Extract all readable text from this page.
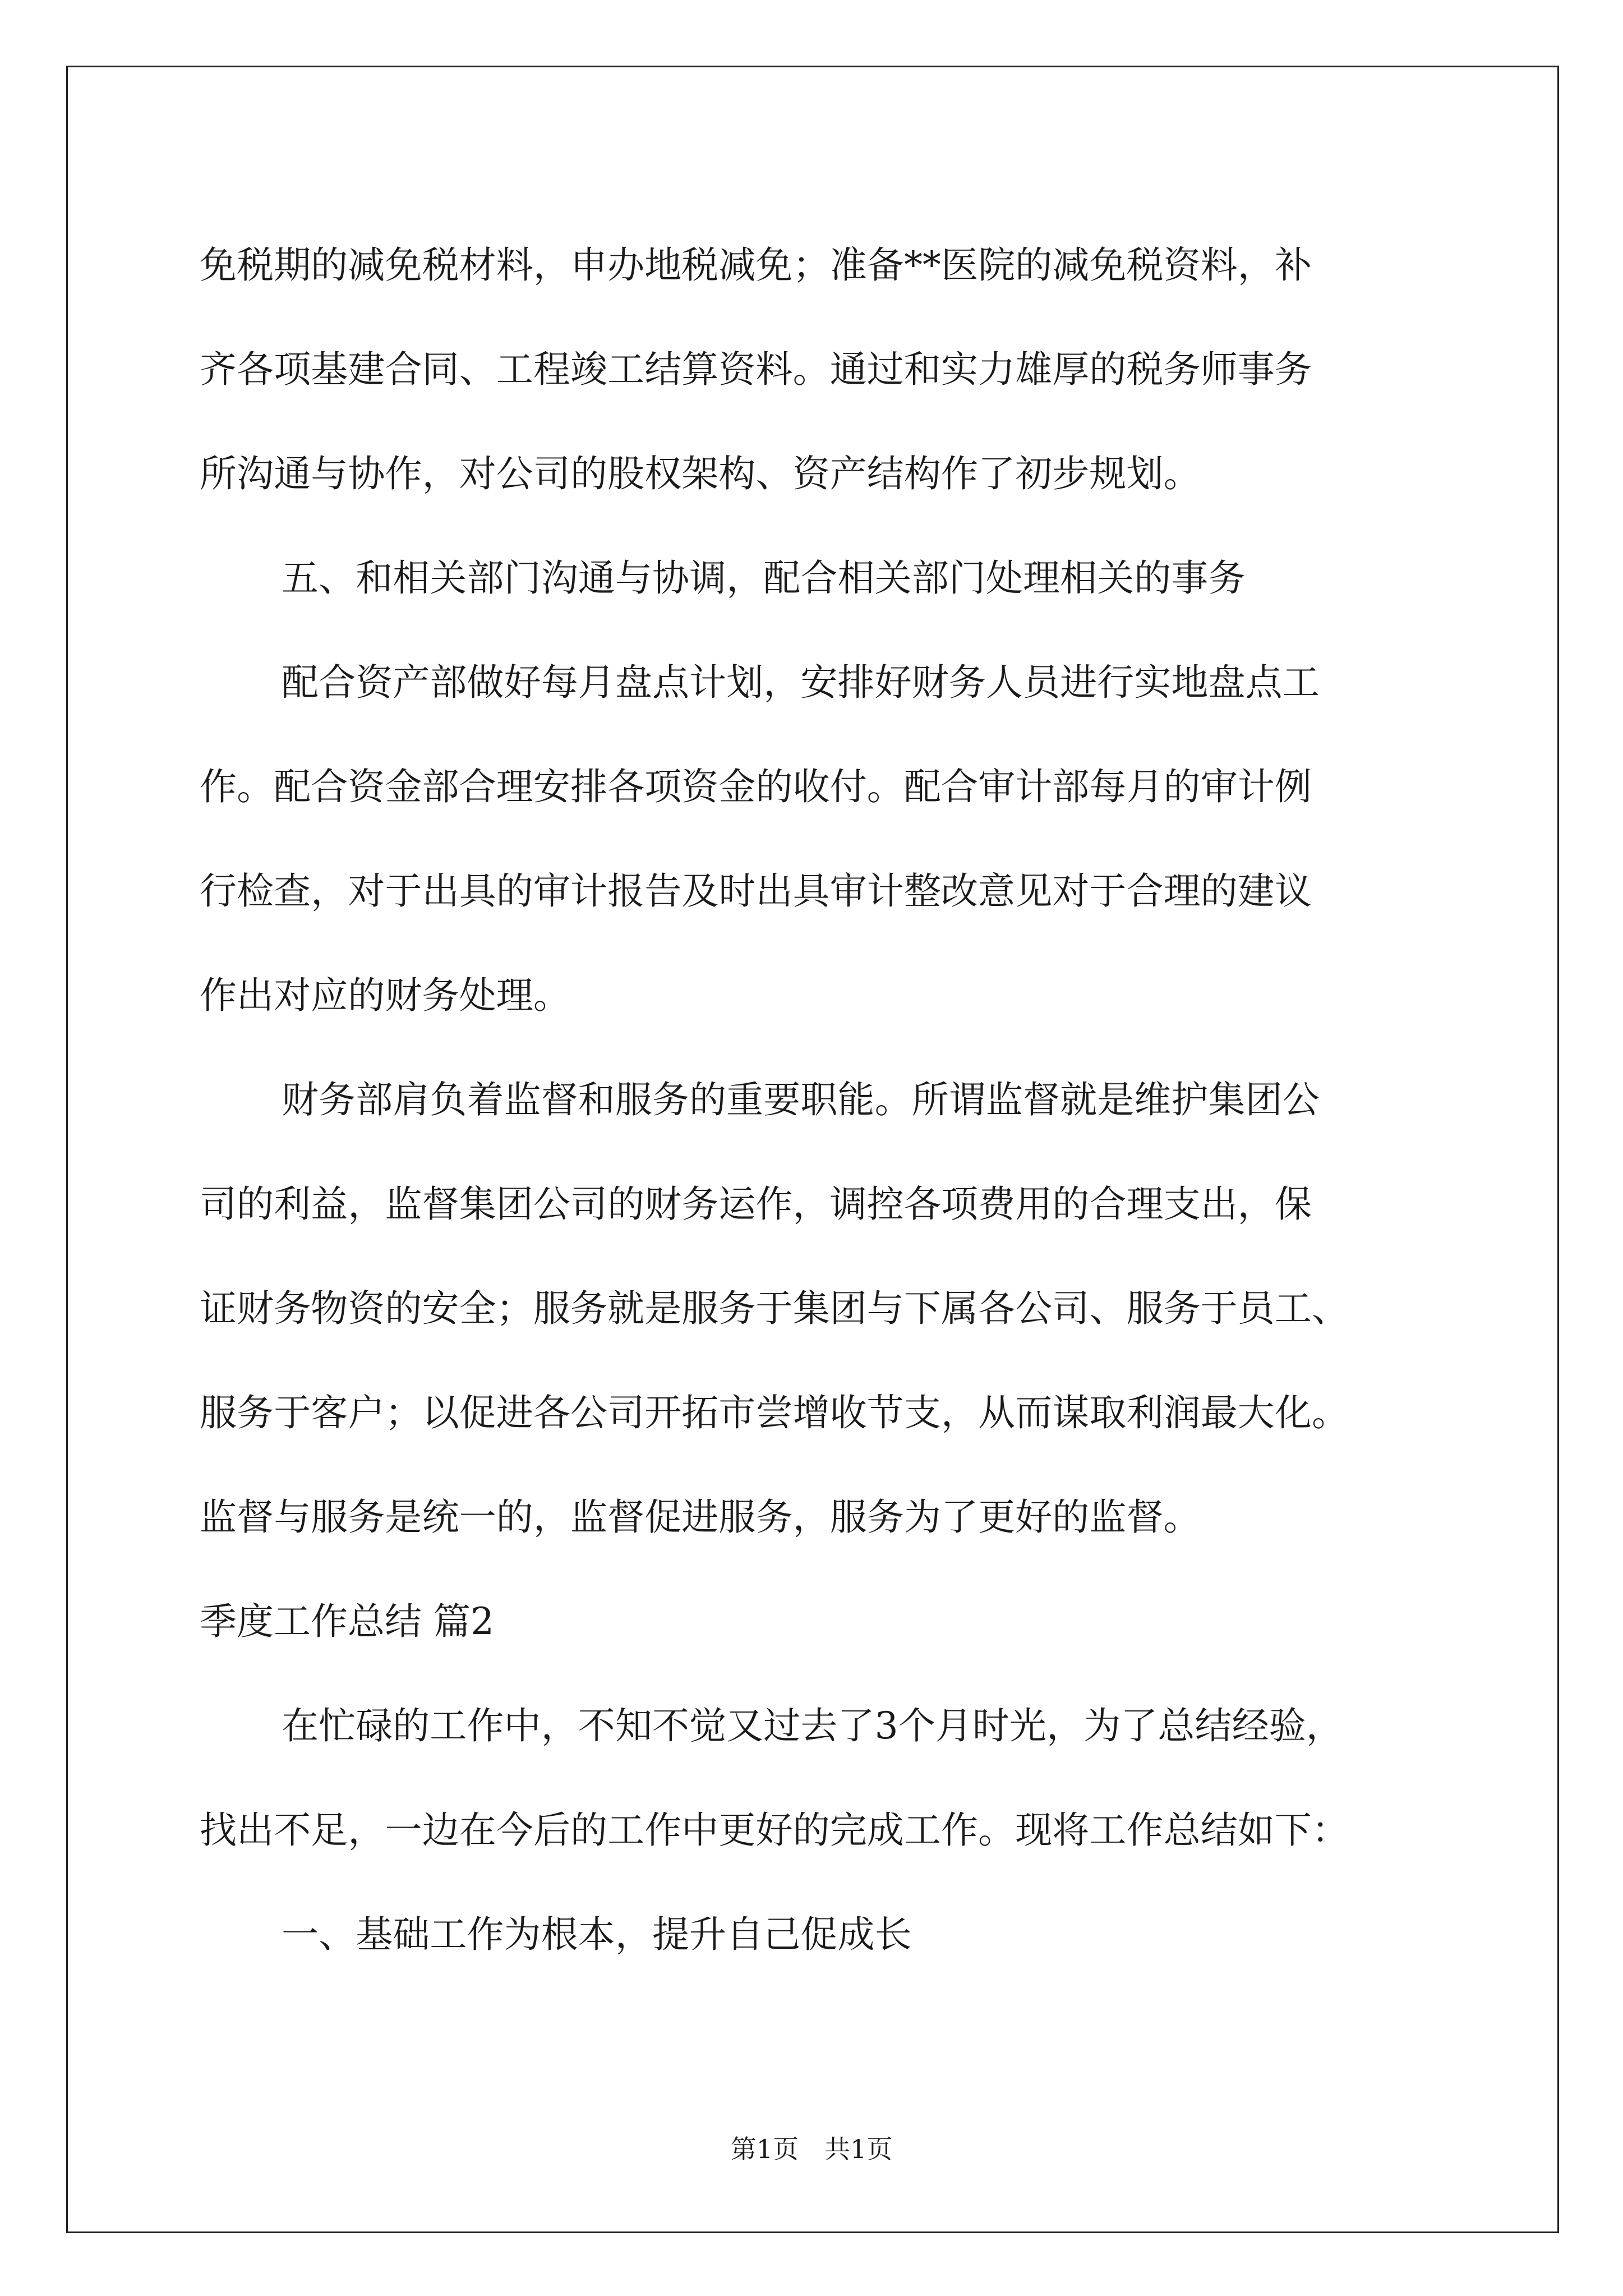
免税期的减免税材料，申办地税减免；准备**医院的减免税资料，补
齐各项基建合同、工程竣工结算资料。通过和实力雄厚的税务师事务
所沟通与协作，对公司的股权架构、资产结构作了初步规划。
五、和相关部门沟通与协调，配合相关部门处理相关的事务
配合资产部做好每月盘点计划，安排好财务人员进行实地盘点工
作。配合资金部合理安排各项资金的收付。配合审计部每月的审计例
行检查，对于出具的审计报告及时出具审计整改意见对于合理的建议
作出对应的财务处理。
财务部肩负着监督和服务的重要职能。所谓监督就是维护集团公
司的利益，监督集团公司的财务运作，调控各项费用的合理支出，保
证财务物资的安全；服务就是服务于集团与下属各公司、服务于员工、
服务于客户；以促进各公司开拓市尝增收节支，从而谋取利润最大化。
监督与服务是统一的，监督促进服务，服务为了更好的监督。
季度工作总结 篇2
在忙碌的工作中，不知不觉又过去了3个月时光，为了总结经验，
找出不足，一边在今后的工作中更好的完成工作。现将工作总结如下：
一、基础工作为根本，提升自己促成长
第1页　共1页
